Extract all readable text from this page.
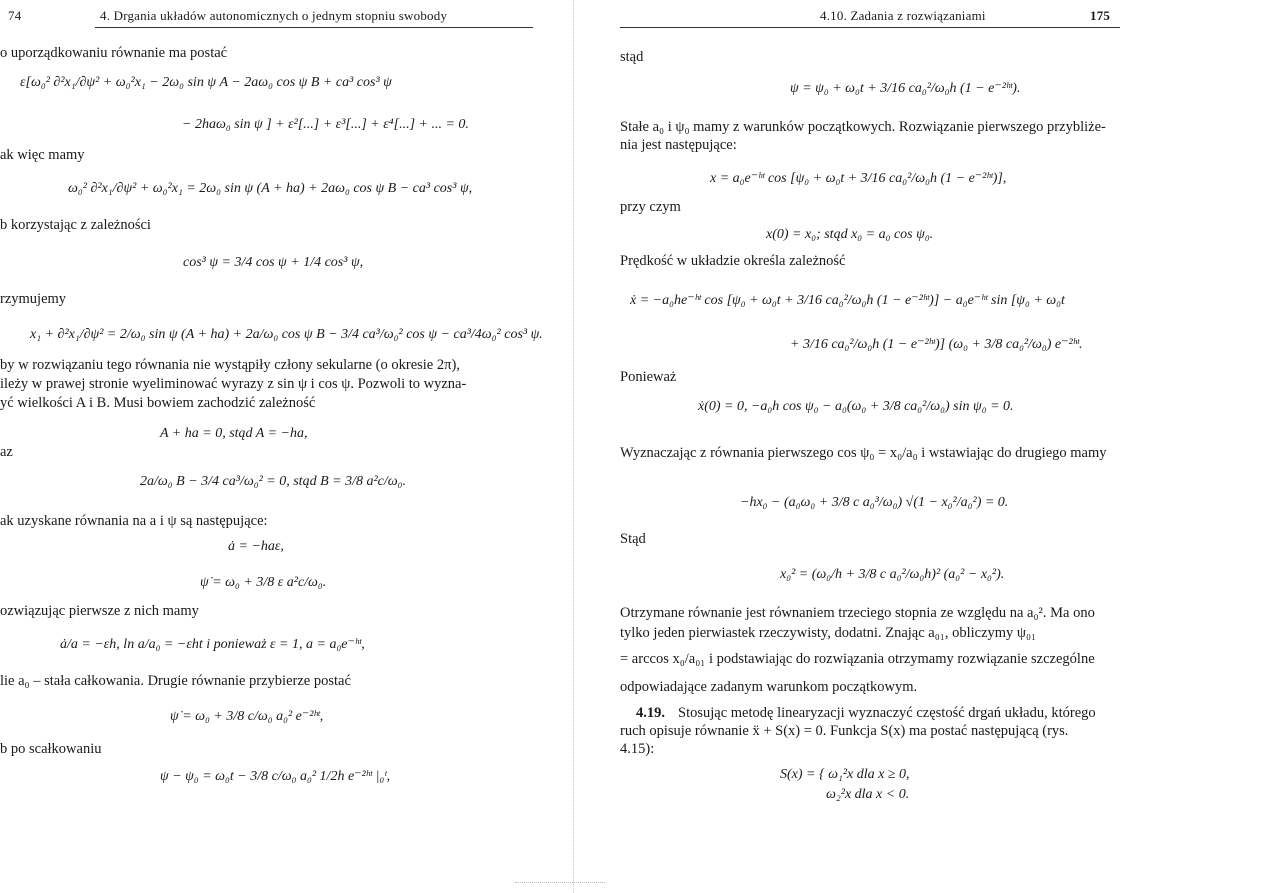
74	4. Drgania układów autonomicznych o jednym stopniu swobody
o uporządkowaniu równanie ma postać
ε[ω₀² ∂²x₁/∂ψ² + ω₀²x₁ − 2ω₀ sin ψ A − 2aω₀ cos ψ B + ca³ cos³ ψ
− 2haω₀ sin ψ ] + ε²[...] + ε³[...] + ε⁴[...] + ... = 0.
ak więc mamy
ω₀² ∂²x₁/∂ψ² + ω₀²x₁ = 2ω₀ sin ψ (A + ha) + 2aω₀ cos ψ B − ca³ cos³ ψ,
b korzystając z zależności
cos³ ψ = 3/4 cos ψ + 1/4 cos³ ψ,
rzymujemy
x₁ + ∂²x₁/∂ψ² = 2/ω₀ sin ψ (A + ha) + 2a/ω₀ cos ψ B − 3/4 ca³/ω₀² cos ψ − ca³/4ω₀² cos³ ψ.
by w rozwiązaniu tego równania nie wystąpiły człony sekularne (o okresie 2π),
ileży w prawej stronie wyeliminować wyrazy z sin ψ i cos ψ. Pozwoli to wyzna-
yć wielkości A i B. Musi bowiem zachodzić zależność
A + ha = 0, stąd A = −ha,
az
2a/ω₀ B − 3/4 ca³/ω₀² = 0, stąd B = 3/8 a²c/ω₀.
ak uzyskane równania na a i ψ są następujące:
ȧ = −haε,
ψ̇ = ω₀ + 3/8 ε a²c/ω₀.
ozwiązując pierwsze z nich mamy
ȧ/a = −εh, ln a/a₀ = −εht i ponieważ ε = 1, a = a₀e⁻ʰᵗ,
lie a₀ – stała całkowania. Drugie równanie przybierze postać
ψ̇ = ω₀ + 3/8 c/ω₀ a₀² e⁻²ʰᵗ,
b po scałkowaniu
ψ − ψ₀ = ω₀t − 3/8 c/ω₀ a₀² 1/2h e⁻²ʰᵗ |₀ᵗ,
4.10. Zadania z rozwiązaniami	175
stąd
ψ = ψ₀ + ω₀t + 3/16 ca₀²/ω₀h (1 − e⁻²ʰᵗ).
Stałe a₀ i ψ₀ mamy z warunków początkowych. Rozwiązanie pierwszego przybliże-
nia jest następujące:
x = a₀e⁻ʰᵗ cos [ψ₀ + ω₀t + 3/16 ca₀²/ω₀h (1 − e⁻²ʰᵗ)],
przy czym
x(0) = x₀; stąd x₀ = a₀ cos ψ₀.
Prędkość w układzie określa zależność
ẋ = −a₀he⁻ʰᵗ cos [ψ₀ + ω₀t + 3/16 ca₀²/ω₀h (1 − e⁻²ʰᵗ)] − a₀e⁻ʰᵗ sin [ψ₀ + ω₀t
+ 3/16 ca₀²/ω₀h (1 − e⁻²ʰᵗ)] (ω₀ + 3/8 ca₀²/ω₀) e⁻²ʰᵗ.
Ponieważ
ẋ(0) = 0, −a₀h cos ψ₀ − a₀(ω₀ + 3/8 ca₀²/ω₀) sin ψ₀ = 0.
Wyznaczając z równania pierwszego cos ψ₀ = x₀/a₀ i wstawiając do drugiego mamy
−hx₀ − (a₀ω₀ + 3/8 c a₀³/ω₀) √(1 − x₀²/a₀²) = 0.
Stąd
x₀² = (ω₀/h + 3/8 c a₀²/ω₀h)² (a₀² − x₀²).
Otrzymane równanie jest równaniem trzeciego stopnia ze względu na a₀². Ma ono
tylko jeden pierwiastek rzeczywisty, dodatni. Znając a₀₁, obliczymy ψ₀₁
= arccos x₀/a₀₁ i podstawiając do rozwiązania otrzymamy rozwiązanie szczególne
odpowiadające zadanym warunkom początkowym.
4.19. Stosując metodę linearyzacji wyznaczyć częstość drgań układu, którego
ruch opisuje równanie ẍ + S(x) = 0. Funkcja S(x) ma postać następującą (rys.
4.15):
S(x) = { ω₁²x dla x ≥ 0,
ω₂²x dla x < 0.
